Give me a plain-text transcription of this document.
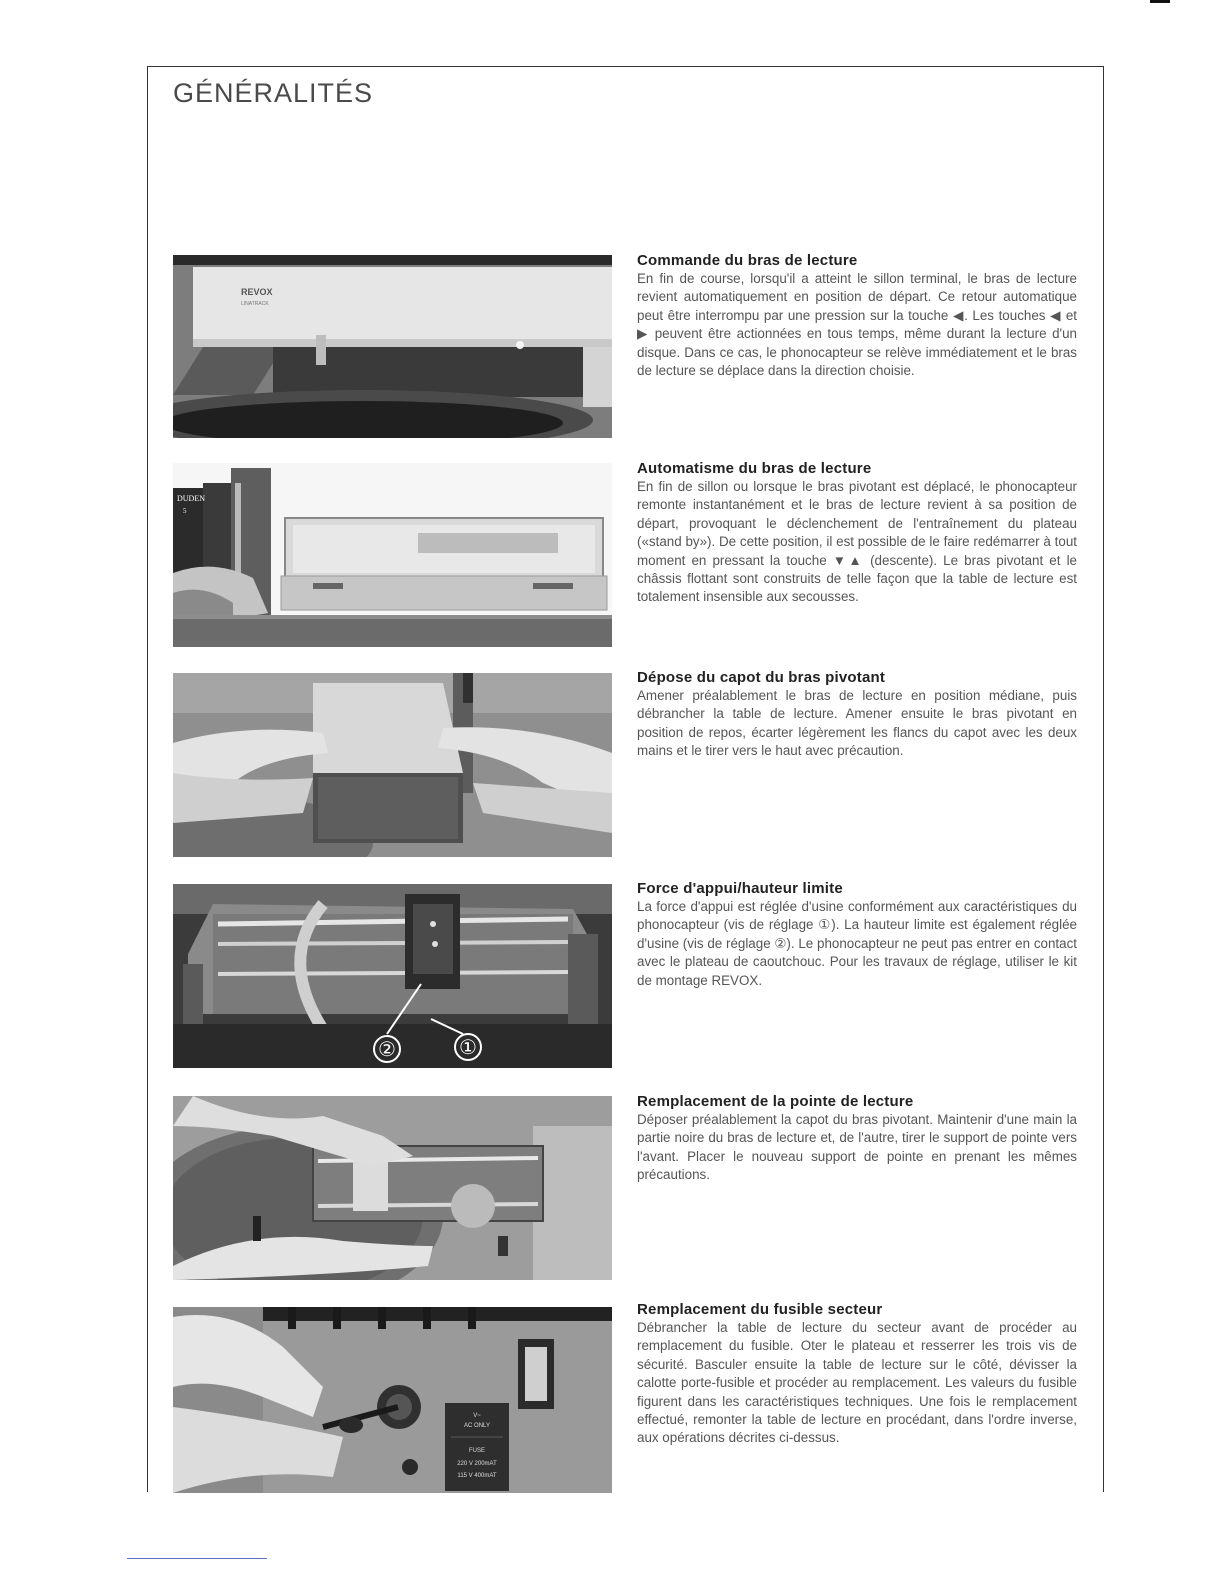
GÉNÉRALITÉS
REVOX
LINATRACK
DUDEN
5
②	①
V~
AC ONLY
FUSE
220 V 200mAT
115 V 400mAT
Commande du bras de lecture

En fin de course, lorsqu'il a atteint le sillon terminal, le bras de lecture revient automatiquement en position de départ. Ce retour automatique peut être interrompu par une pression sur la touche ◀. Les touches ◀ et ▶ peuvent être actionnées en tous temps, même durant la lecture d'un disque. Dans ce cas, le phonocapteur se relève immédiatement et le bras de lecture se déplace dans la direction choisie.

Automatisme du bras de lecture

En fin de sillon ou lorsque le bras pivotant est déplacé, le phonocapteur remonte instantanément et le bras de lecture revient à sa position de départ, provoquant le déclenchement de l'entraînement du plateau («stand by»). De cette position, il est possible de le faire redémarrer à tout moment en pressant la touche ▼▲ (descente). Le bras pivotant et le châssis flottant sont construits de telle façon que la table de lecture est totalement insensible aux secousses.

Dépose du capot du bras pivotant

Amener préalablement le bras de lecture en position médiane, puis débrancher la table de lecture. Amener ensuite le bras pivotant en position de repos, écarter légèrement les flancs du capot avec les deux mains et le tirer vers le haut avec précaution.

Force d'appui/hauteur limite

La force d'appui est réglée d'usine conformément aux caractéristiques du phonocapteur (vis de réglage ①). La hauteur limite est également réglée d'usine (vis de réglage ②). Le phonocapteur ne peut pas entrer en contact avec le plateau de caoutchouc. Pour les travaux de réglage, utiliser le kit de montage REVOX.

Remplacement de la pointe de lecture

Déposer préalablement la capot du bras pivotant. Maintenir d'une main la partie noire du bras de lecture et, de l'autre, tirer le support de pointe vers l'avant. Placer le nouveau support de pointe en prenant les mêmes précautions.

Remplacement du fusible secteur

Débrancher la table de lecture du secteur avant de procéder au remplacement du fusible. Oter le plateau et resserrer les trois vis de sécurité. Basculer ensuite la table de lecture sur le côté, dévisser la calotte porte-fusible et procéder au remplacement. Les valeurs du fusible figurent dans les caractéristiques techniques. Une fois le remplacement effectué, remonter la table de lecture en procédant, dans l'ordre inverse, aux opérations décrites ci-dessus.
